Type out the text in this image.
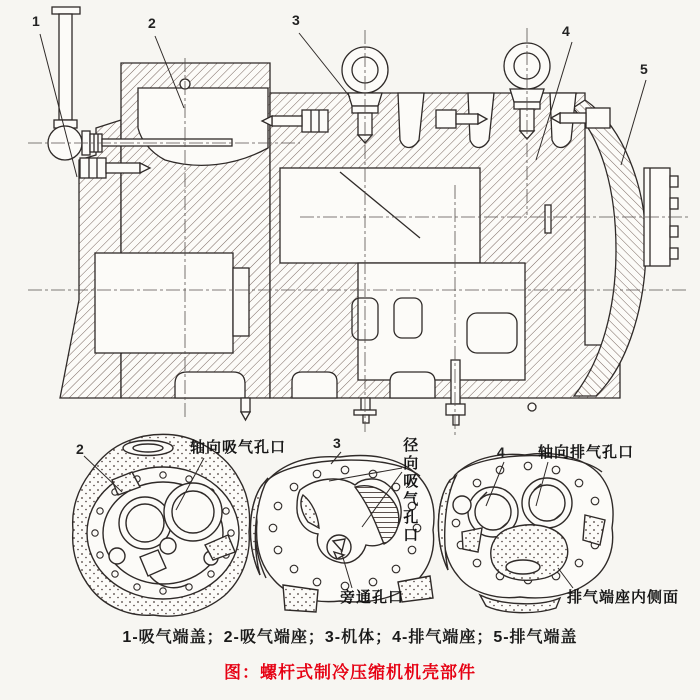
1	2	3
4
5
2	轴向吸气孔口	3	径向吸气孔口
旁通孔口
4 轴向排气孔口
排气端座内侧面
1-吸气端盖；2-吸气端座；3-机体；4-排气端座；5-排气端盖
图：螺杆式制冷压缩机机壳部件
